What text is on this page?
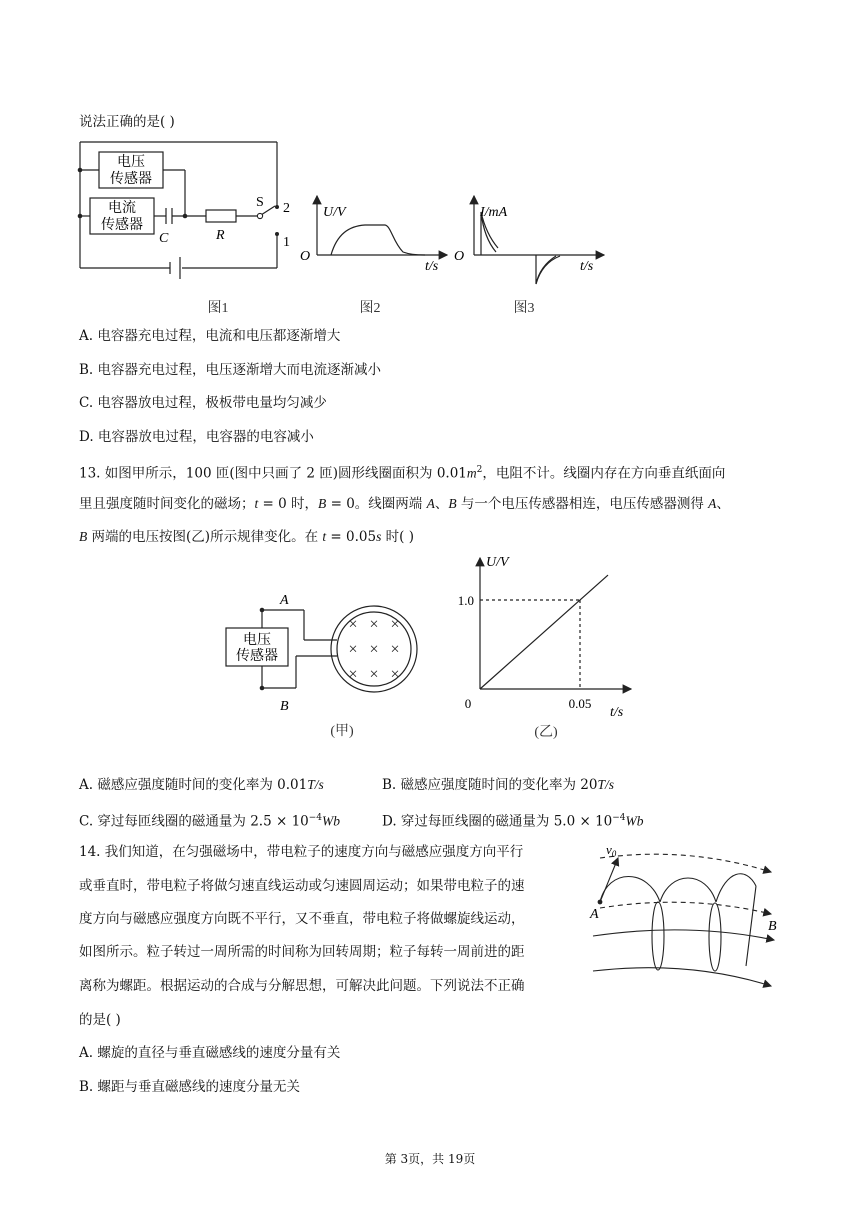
说法正确的是( )
电压
传感器
电流
传感器
C	R
S 2
1
图1
U/V
O
t/s
图2
I/mA
O
t/s
图3
A. 电容器充电过程，电流和电压都逐渐增大
B. 电容器充电过程，电压逐渐增大而电流逐渐减小
C. 电容器放电过程，极板带电量均匀减少
D. 电容器放电过程，电容器的电容减小
13. 如图甲所示，100 匝(图中只画了 2 匝)圆形线圈面积为 $0.01m^2$，电阻不计。线圈内存在方向垂直纸面向
里且强度随时间变化的磁场；t = 0 时，B = 0。线圈两端 A、B 与一个电压传感器相连，电压传感器测得 A、
B 两端的电压按图(乙)所示规律变化。在 t = 0.05s 时( )
× × ×
× × ×
× × ×
电压
传感器
A
B
(甲)
U/V
1.0
0	0.05
t/s
(乙)
A. 磁感应强度随时间的变化率为 0.01T/s	B. 磁感应强度随时间的变化率为 20T/s
C. 穿过每匝线圈的磁通量为 $2.5 \times 10^{-4}Wb$	D. 穿过每匝线圈的磁通量为 $5.0 \times 10^{-4}Wb$
14. 我们知道，在匀强磁场中，带电粒子的速度方向与磁感应强度方向平行
或垂直时，带电粒子将做匀速直线运动或匀速圆周运动；如果带电粒子的速
度方向与磁感应强度方向既不平行，又不垂直，带电粒子将做螺旋线运动，
如图所示。粒子转过一周所需的时间称为回转周期；粒子每转一周前进的距
离称为螺距。根据运动的合成与分解思想，可解决此问题。下列说法不正确
的是( )
$v_0$
A
B
A. 螺旋的直径与垂直磁感线的速度分量有关
B. 螺距与垂直磁感线的速度分量无关
第 3页，共 19页
